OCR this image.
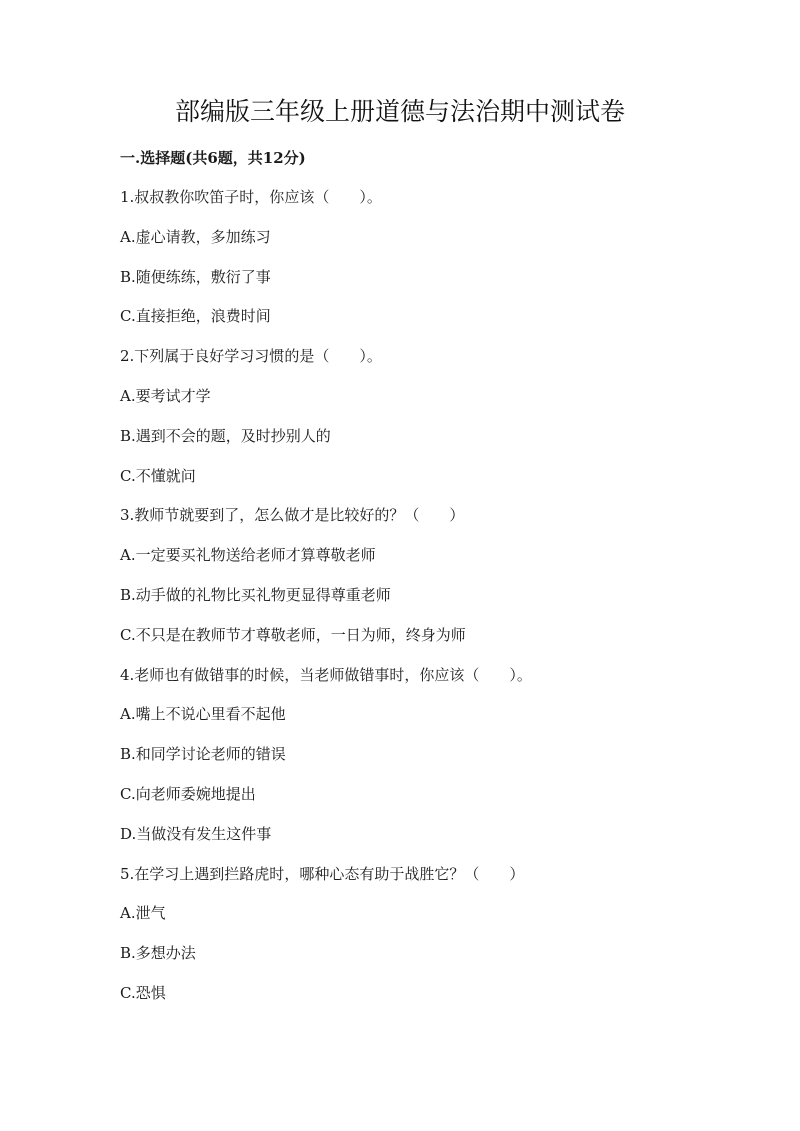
部编版三年级上册道德与法治期中测试卷
一.选择题(共6题，共12分)
1.叔叔教你吹笛子时，你应该（　　）。
A.虚心请教，多加练习
B.随便练练，敷衍了事
C.直接拒绝，浪费时间
2.下列属于良好学习习惯的是（　　）。
A.要考试才学
B.遇到不会的题，及时抄别人的
C.不懂就问
3.教师节就要到了，怎么做才是比较好的？（　　）
A.一定要买礼物送给老师才算尊敬老师
B.动手做的礼物比买礼物更显得尊重老师
C.不只是在教师节才尊敬老师，一日为师，终身为师
4.老师也有做错事的时候，当老师做错事时，你应该（　　）。
A.嘴上不说心里看不起他
B.和同学讨论老师的错误
C.向老师委婉地提出
D.当做没有发生这件事
5.在学习上遇到拦路虎时，哪种心态有助于战胜它？（　　）
A.泄气
B.多想办法
C.恐惧
